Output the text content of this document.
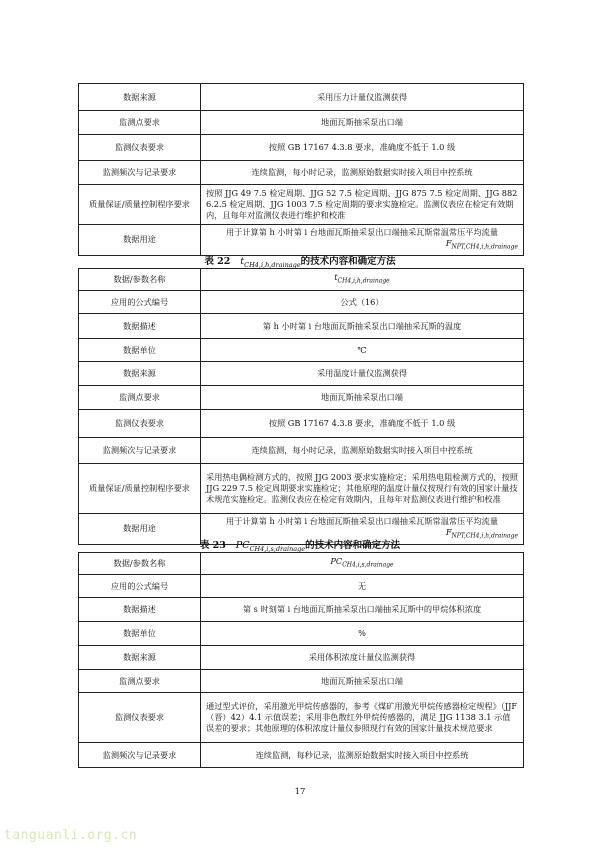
数据来源	采用压力计量仪监测获得
监测点要求	地面瓦斯抽采泵出口端
监测仪表要求	按照 GB 17167 4.3.8 要求，准确度不低于 1.0 级
监测频次与记录要求	连续监测，每小时记录，监测原始数据实时接入项目中控系统
质量保证/质量控制程序要求	按照 JJG 49 7.5 检定周期、JJG 52 7.5 检定周期、JJG 875 7.5 检定周期、JJG 882 6.2.5 检定周期、JJG 1003 7.5 检定周期的要求实施检定。监测仪表应在检定有效期内，且每年对监测仪表进行维护和校准
数据用途	用于计算第 h 小时第 i 台地面瓦斯抽采泵出口端抽采瓦斯常温常压平均流量
$F_{NPT,CH4,i,h,drainage}$
表 22 $t_{CH4,i,h,drainage}$的技术内容和确定方法
数据/参数名称	$t_{CH4,i,h,drainage}$
应用的公式编号	公式（16）
数据描述	第 h 小时第 i 台地面瓦斯抽采泵出口端抽采瓦斯的温度
数据单位	℃
数据来源	采用温度计量仪监测获得
监测点要求	地面瓦斯抽采泵出口端
监测仪表要求	按照 GB 17167 4.3.8 要求，准确度不低于 1.0 级
监测频次与记录要求	连续监测，每小时记录，监测原始数据实时接入项目中控系统
质量保证/质量控制程序要求	采用热电偶检测方式的，按照 JJG 2003 要求实施检定；采用热电阻检测方式的，按照 JJG 229 7.5 检定周期要求实施检定；其他原理的温度计量仪按现行有效的国家计量技术规范实施检定。监测仪表应在检定有效期内，且每年对监测仪表进行维护和校准
数据用途	用于计算第 h 小时第 i 台地面瓦斯抽采泵出口端抽采瓦斯常温常压平均流量
$F_{NPT,CH4,i,h,drainage}$
表 23 $PC_{CH4,i,s,drainage}$的技术内容和确定方法
数据/参数名称	$PC_{CH4,i,s,drainage}$
应用的公式编号	无
数据描述	第 s 时刻第 i 台地面瓦斯抽采泵出口端抽采瓦斯中的甲烷体积浓度
数据单位	%
数据来源	采用体积浓度计量仪监测获得
监测点要求	地面瓦斯抽采泵出口端
监测仪表要求	通过型式评价，采用激光甲烷传感器的，参考《煤矿用激光甲烷传感器检定规程》（JJF（晋）42）4.1 示值误差；采用非色散红外甲烷传感器的，满足 JJG 1138 3.1 示值误差的要求；其他原理的体积浓度计量仪参照现行有效的国家计量技术规范要求
监测频次与记录要求	连续监测，每秒记录，监测原始数据实时接入项目中控系统
17
tanguanli.org.cn
